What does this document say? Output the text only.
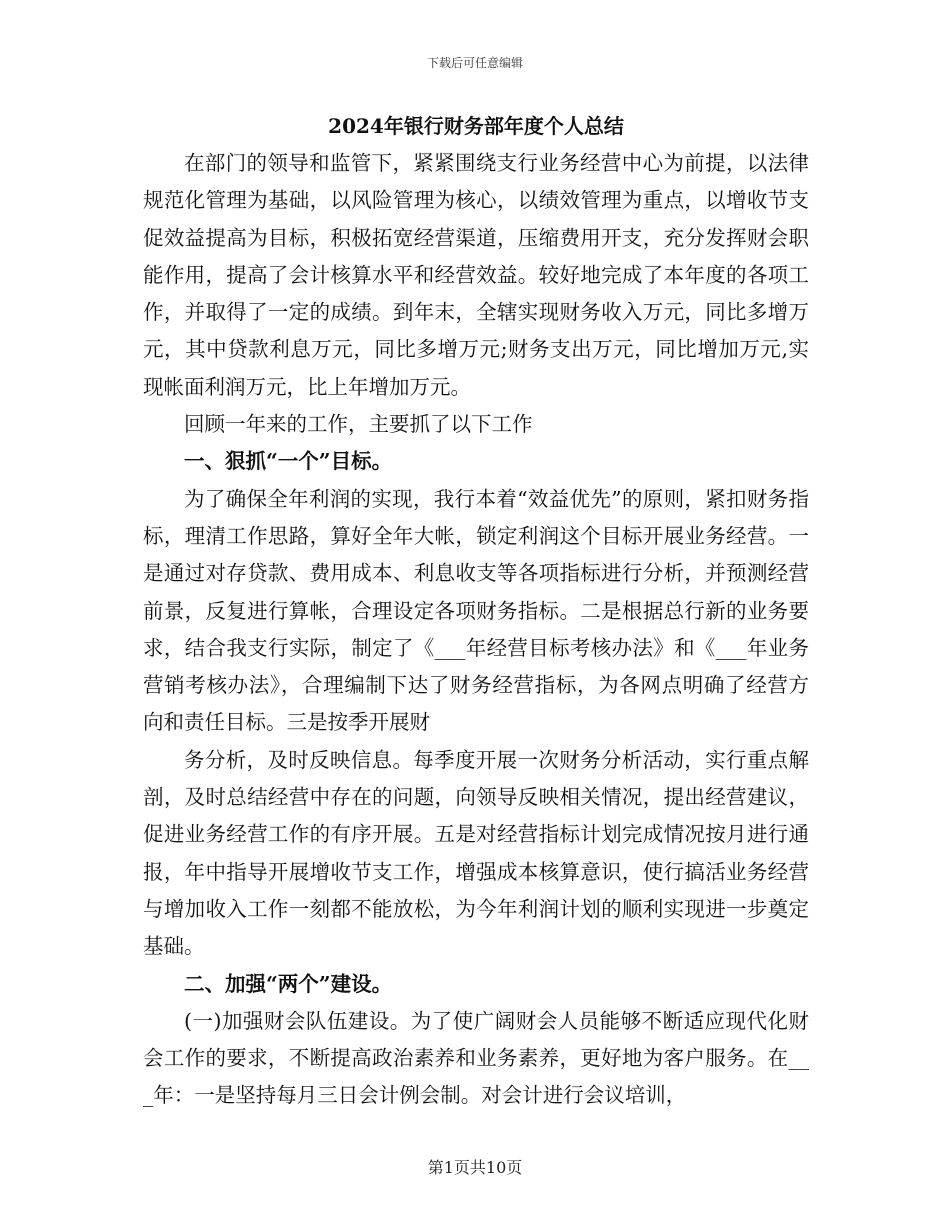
下载后可任意编辑

2024年银行财务部年度个人总结

在部门的领导和监管下，紧紧围绕支行业务经营中心为前提，以法律规范化管理为基础，以风险管理为核心，以绩效管理为重点，以增收节支促效益提高为目标，积极拓宽经营渠道，压缩费用开支，充分发挥财会职能作用，提高了会计核算水平和经营效益。较好地完成了本年度的各项工作，并取得了一定的成绩。到年末，全辖实现财务收入万元，同比多增万元，其中贷款利息万元，同比多增万元;财务支出万元，同比增加万元,实现帐面利润万元，比上年增加万元。

回顾一年来的工作，主要抓了以下工作

一、狠抓“一个”目标。

为了确保全年利润的实现，我行本着“效益优先”的原则，紧扣财务指标，理清工作思路，算好全年大帐，锁定利润这个目标开展业务经营。一是通过对存贷款、费用成本、利息收支等各项指标进行分析，并预测经营前景，反复进行算帐，合理设定各项财务指标。二是根据总行新的业务要求，结合我支行实际，制定了《___年经营目标考核办法》和《___年业务营销考核办法》，合理编制下达了财务经营指标，为各网点明确了经营方向和责任目标。三是按季开展财

务分析，及时反映信息。每季度开展一次财务分析活动，实行重点解剖，及时总结经营中存在的问题，向领导反映相关情况，提出经营建议，促进业务经营工作的有序开展。五是对经营指标计划完成情况按月进行通报，年中指导开展增收节支工作，增强成本核算意识，使行搞活业务经营与增加收入工作一刻都不能放松，为今年利润计划的顺利实现进一步奠定基础。

二、加强“两个”建设。

(一)加强财会队伍建设。为了使广阔财会人员能够不断适应现代化财会工作的要求，不断提高政治素养和业务素养，更好地为客户服务。在___年：一是坚持每月三日会计例会制。对会计进行会议培训，

第1页共10页
